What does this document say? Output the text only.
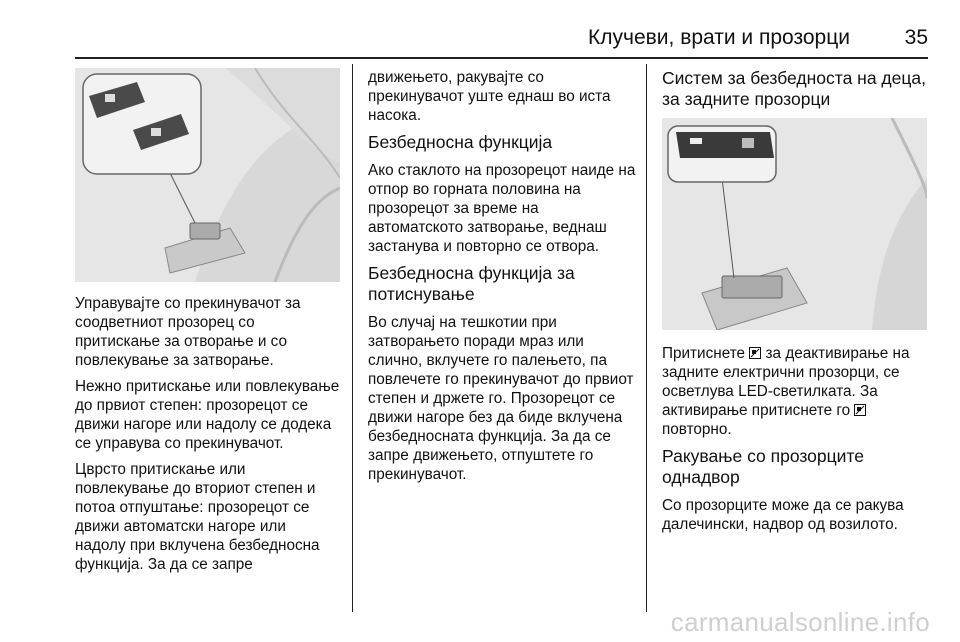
Клучеви, врати и прозорци	35

Управувајте со прекинувачот за соодветниот прозорец со притискање за отворање и со повлекување за затворање.

Нежно притискање или повлекување до првиот степен: прозорецот се движи нагоре или надолу се додека се управува со прекинувачот.

Цврсто притискање или повлекување до вториот степен и потоа отпуштање: прозорецот се движи автоматски нагоре или надолу при вклучена безбедносна функција. За да се запре

движењето, ракувајте со прекинувачот уште еднаш во иста насока.

Безбедносна функција

Ако стаклото на прозорецот наиде на отпор во горната половина на прозорецот за време на автоматското затворање, веднаш застанува и повторно се отвора.

Безбедносна функција за потиснување

Во случај на тешкотии при затворањето поради мраз или слично, вклучете го палењето, па повлечете го прекинувачот до првиот степен и држете го. Прозорецот се движи нагоре без да биде вклучена безбедносната функција. За да се запре движењето, отпуштете го прекинувачот.

Систем за безбедноста на деца, за задните прозорци

Притиснете  за деактивирање на задните електрични прозорци, се осветлува LED-светилката. За активирање притиснете го  повторно.

Ракување со прозорците однадвор

Со прозорците може да се ракува далечински, надвор од возилото.

carmanualsonline.info
